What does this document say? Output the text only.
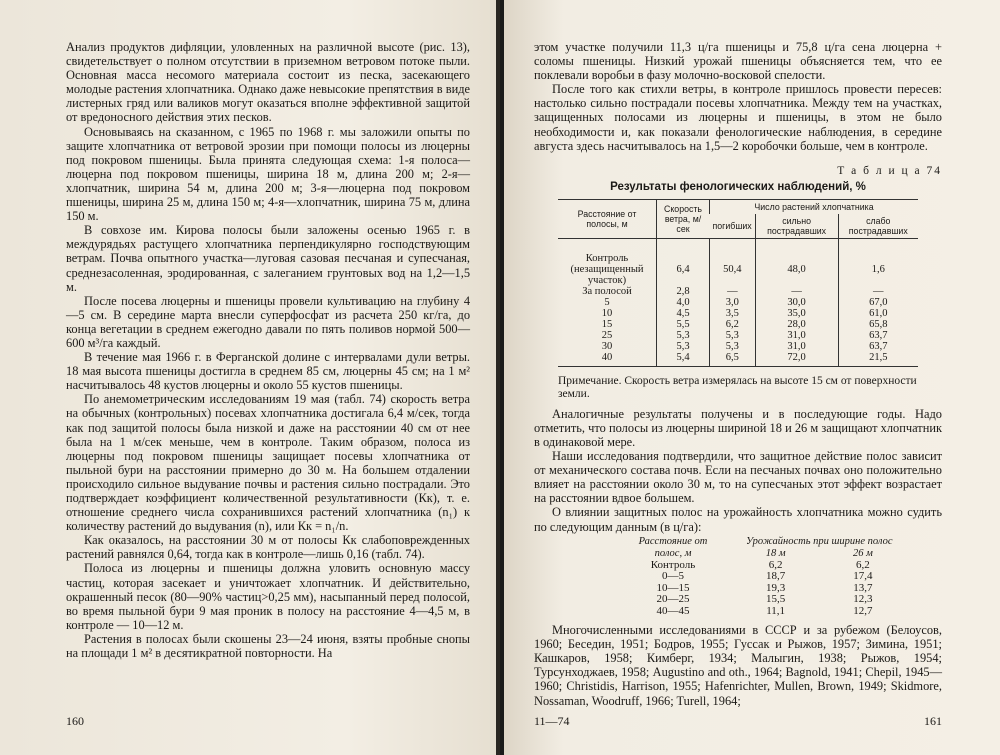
Анализ продуктов дифляции, уловленных на различной высоте (рис. 13), свидетельствует о полном отсутствии в приземном ветровом потоке пыли. Основная масса несомого материала состоит из песка, засекающего молодые растения хлопчатника. Однако даже невысокие препятствия в виде листерных гряд или валиков могут оказаться вполне эффективной защитой от вредоносного действия этих песков.

Основываясь на сказанном, с 1965 по 1968 г. мы заложили опыты по защите хлопчатника от ветровой эрозии при помощи полосы из люцерны под покровом пшеницы. Была принята следующая схема: 1-я полоса—люцерна под покровом пшеницы, ширина 18 м, длина 200 м; 2-я—хлопчатник, ширина 54 м, длина 200 м; 3-я—люцерна под покровом пшеницы, ширина 25 м, длина 150 м; 4-я—хлопчатник, ширина 75 м, длина 150 м.

В совхозе им. Кирова полосы были заложены осенью 1965 г. в междурядьях растущего хлопчатника перпендикулярно господствующим ветрам. Почва опытного участка—луговая сазовая песчаная и супесчаная, среднезасоленная, эродированная, с залеганием грунтовых вод на 1,2—1,5 м.

После посева люцерны и пшеницы провели культивацию на глубину 4—5 см. В середине марта внесли суперфосфат из расчета 250 кг/га, до конца вегетации в среднем ежегодно давали по пять поливов нормой 500—600 м³/га каждый.

В течение мая 1966 г. в Ферганской долине с интервалами дули ветры. 18 мая высота пшеницы достигла в среднем 85 см, люцерны 45 см; на 1 м² насчитывалось 48 кустов люцерны и около 55 кустов пшеницы.

По анемометрическим исследованиям 19 мая (табл. 74) скорость ветра на обычных (контрольных) посевах хлопчатника достигала 6,4 м/сек, тогда как под защитой полосы была низкой и даже на расстоянии 40 см от нее была на 1 м/сек меньше, чем в контроле. Таким образом, полоса из люцерны под покровом пшеницы защищает посевы хлопчатника от пыльной бури на расстоянии примерно до 30 м. На большем отдалении происходило сильное выдувание почвы и растения сильно пострадали. Это подтверждает коэффициент количественной результативности (Кк), т. е. отношение среднего числа сохранившихся растений хлопчатника (n₁) к количеству растений до выдувания (n), или Кк = n₁/n.

Как оказалось, на расстоянии 30 м от полосы Кк слабоповрежденных растений равнялся 0,64, тогда как в контроле—лишь 0,16 (табл. 74).

Полоса из люцерны и пшеницы должна уловить основную массу частиц, которая засекает и уничтожает хлопчатник. И действительно, окрашенный песок (80—90% частиц>0,25 мм), насыпанный перед полосой, во время пыльной бури 9 мая проник в полосу на расстояние 4—4,5 м, в контроле — 10—12 м.

Растения в полосах были скошены 23—24 июня, взяты пробные снопы на площади 1 м² в десятикратной повторности. На

160

этом участке получили 11,3 ц/га пшеницы и 75,8 ц/га сена люцерна + соломы пшеницы. Низкий урожай пшеницы объясняется тем, что ее поклевали воробьи в фазу молочно-восковой спелости.

После того как стихли ветры, в контроле пришлось провести пересев: настолько сильно пострадали посевы хлопчатника. Между тем на участках, защищенных полосами из люцерны и пшеницы, в этом не было необходимости и, как показали фенологические наблюдения, в середине августа здесь насчитывалось на 1,5—2 коробочки больше, чем в контроле.

Т а б л и ц а 74
Результаты фенологических наблюдений, %
Расстояние от полосы, м	Скорость ветра, м/сек	Число растений хлопчатника		
		погибших	сильно пострадавших	слабо пострадавших
Контроль (незащищенный участок)	6,4	50,4	48,0	1,6
За полосой	2,8	—	—	—
5	4,0	3,0	30,0	67,0
10	4,5	3,5	35,0	61,0
15	5,5	6,2	28,0	65,8
25	5,3	5,3	31,0	63,7
30	5,3	5,3	31,0	63,7
40	5,4	6,5	72,0	21,5
Примечание. Скорость ветра измерялась на высоте 15 см от поверхности земли.

Аналогичные результаты получены и в последующие годы. Надо отметить, что полосы из люцерны шириной 18 и 26 м защищают хлопчатник в одинаковой мере.

Наши исследования подтвердили, что защитное действие полос зависит от механического состава почв. Если на песчаных почвах оно положительно влияет на расстоянии около 30 м, то на супесчаных этот эффект возрастает на расстоянии вдвое большем.

О влиянии защитных полос на урожайность хлопчатника можно судить по следующим данным (в ц/га):

Расстояние от полос, м	Урожайность при ширине полос	
	18 м	26 м
Контроль	6,2	6,2
0—5	18,7	17,4
10—15	19,3	13,7
20—25	15,5	12,3
40—45	11,1	12,7

Многочисленными исследованиями в СССР и за рубежом (Белоусов, 1960; Беседин, 1951; Бодров, 1955; Гуссак и Рыжов, 1957; Зимина, 1951; Кашкаров, 1958; Кимберг, 1934; Малыгин, 1938; Рыжов, 1954; Турсунходжаев, 1958; Augustino and oth., 1964; Bagnold, 1941; Chepil, 1945—1960; Christidis, Harrison, 1955; Hafenrichter, Mullen, Brown, 1949; Skidmore, Nossaman, Woodruff, 1966; Turell, 1964;

11—74	161
